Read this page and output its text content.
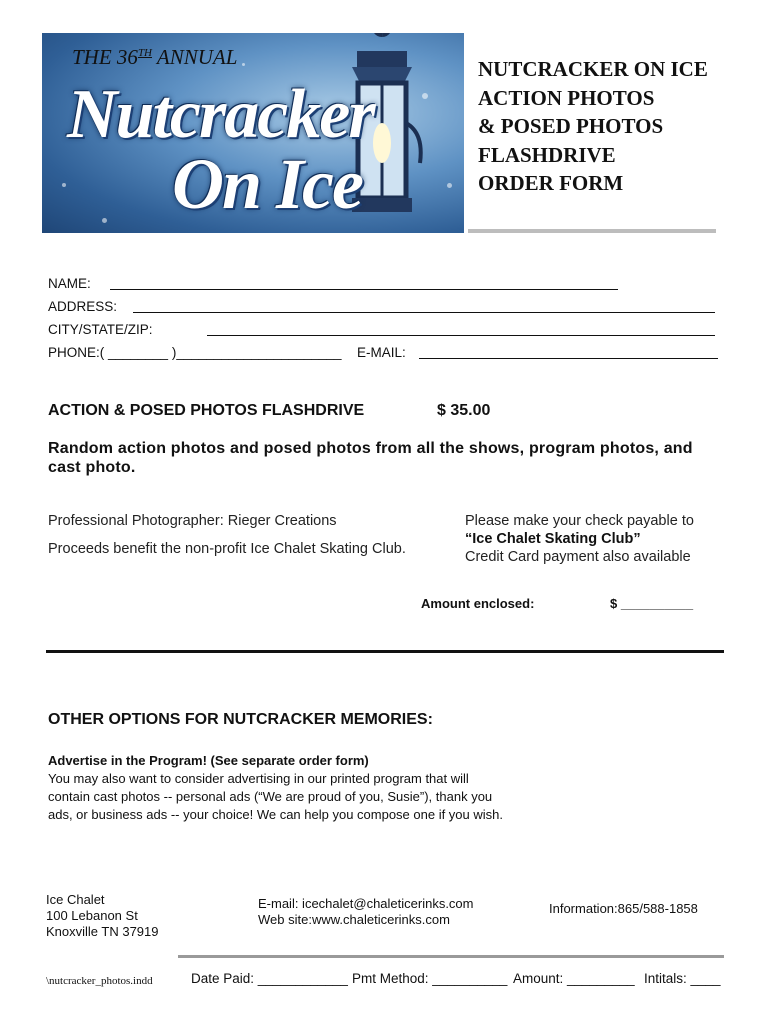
THE 36TH ANNUAL
Nutcracker
On Ice
NUTCRACKER ON ICE
ACTION PHOTOS
& POSED PHOTOS
FLASHDRIVE
ORDER FORM
NAME:
ADDRESS:
CITY/STATE/ZIP:
PHONE:( ________ )______________________ E-MAIL:
ACTION & POSED PHOTOS FLASHDRIVE	$ 35.00
Random action photos and posed photos from all the shows, program photos, and cast photo.
Professional Photographer: Rieger Creations
Proceeds benefit the non-profit Ice Chalet Skating Club.
Please make your check payable to
“Ice Chalet Skating Club”
Credit Card payment also available
Amount enclosed:	$ __________
OTHER OPTIONS FOR NUTCRACKER MEMORIES:
Advertise in the Program! (See separate order form)
You may also want to consider advertising in our printed program that will
contain cast photos -- personal ads (“We are proud of you, Susie”), thank you
ads, or business ads -- your choice! We can help you compose one if you wish.
Ice Chalet
100 Lebanon St
Knoxville TN 37919
E-mail: icechalet@chaleticerinks.com
Web site:www.chaleticerinks.com
Information:865/588-1858
\nutcracker_photos.indd	Date Paid: ____________ Pmt Method: __________ Amount: _________ Intitals: ____
